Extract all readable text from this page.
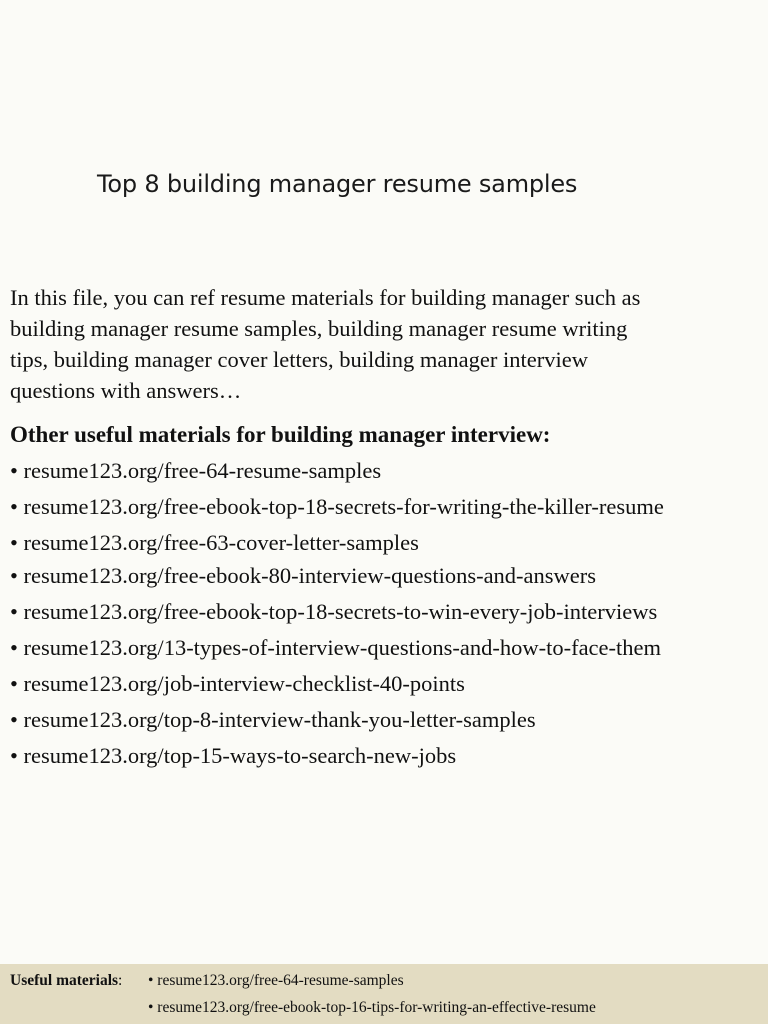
Top 8 building manager resume samples

In this file, you can ref resume materials for building manager such as
building manager resume samples, building manager resume writing
tips, building manager cover letters, building manager interview
questions with answers…

Other useful materials for building manager interview:
• resume123.org/free-64-resume-samples
• resume123.org/free-ebook-top-18-secrets-for-writing-the-killer-resume
• resume123.org/free-63-cover-letter-samples
• resume123.org/free-ebook-80-interview-questions-and-answers
• resume123.org/free-ebook-top-18-secrets-to-win-every-job-interviews
• resume123.org/13-types-of-interview-questions-and-how-to-face-them
• resume123.org/job-interview-checklist-40-points
• resume123.org/top-8-interview-thank-you-letter-samples
• resume123.org/top-15-ways-to-search-new-jobs
Useful materials: • resume123.org/free-64-resume-samples
• resume123.org/free-ebook-top-16-tips-for-writing-an-effective-resume
